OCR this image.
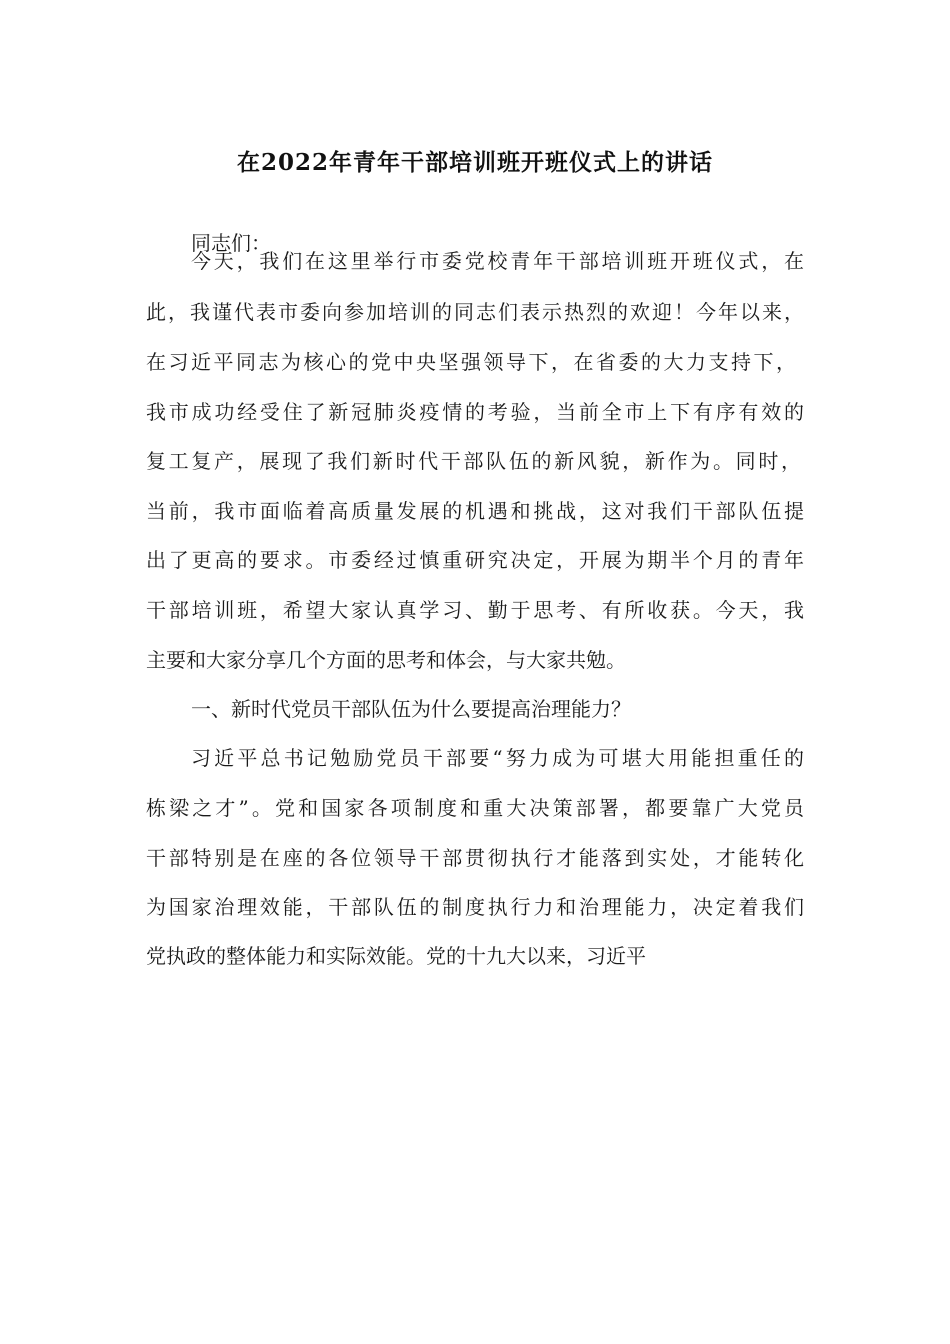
在2022年青年干部培训班开班仪式上的讲话
同志们：
今天，我们在这里举行市委党校青年干部培训班开班仪式，在
此，我谨代表市委向参加培训的同志们表示热烈的欢迎！今年以来，
在习近平同志为核心的党中央坚强领导下，在省委的大力支持下，
我市成功经受住了新冠肺炎疫情的考验，当前全市上下有序有效的
复工复产，展现了我们新时代干部队伍的新风貌，新作为。同时，
当前，我市面临着高质量发展的机遇和挑战，这对我们干部队伍提
出了更高的要求。市委经过慎重研究决定，开展为期半个月的青年
干部培训班，希望大家认真学习、勤于思考、有所收获。今天，我
主要和大家分享几个方面的思考和体会，与大家共勉。
一、新时代党员干部队伍为什么要提高治理能力？
习近平总书记勉励党员干部要“努力成为可堪大用能担重任的
栋梁之才”。党和国家各项制度和重大决策部署，都要靠广大党员
干部特别是在座的各位领导干部贯彻执行才能落到实处，才能转化
为国家治理效能，干部队伍的制度执行力和治理能力，决定着我们
党执政的整体能力和实际效能。党的十九大以来，习近平
